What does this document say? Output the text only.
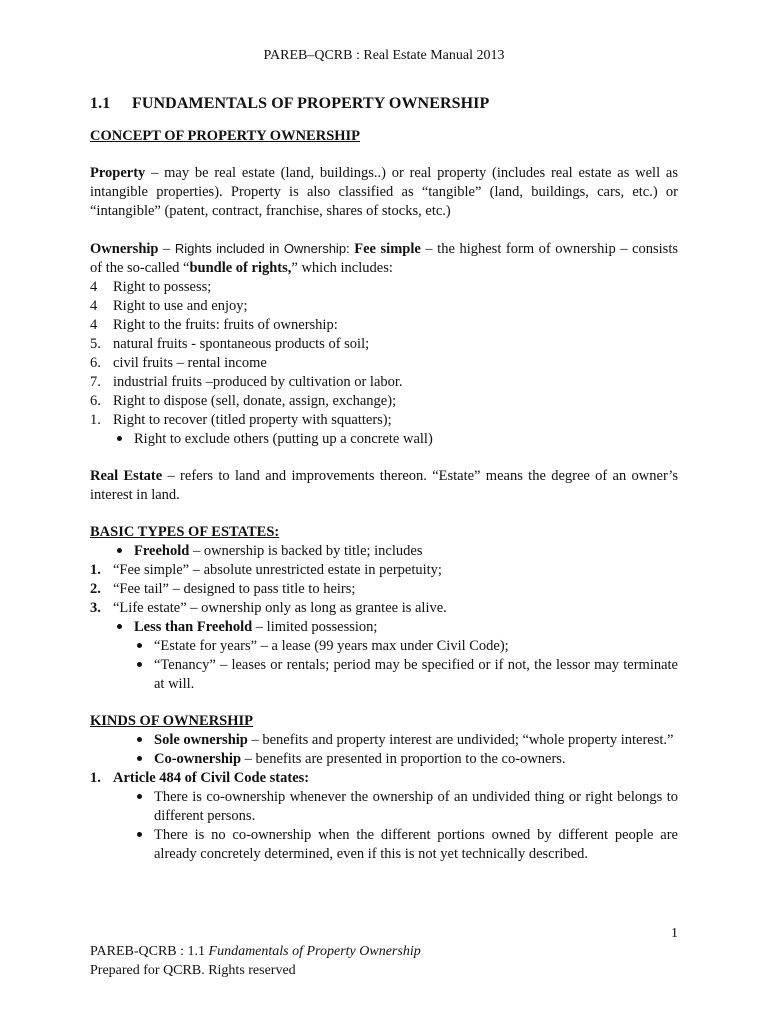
PAREB–QCRB : Real Estate Manual 2013
1.1 FUNDAMENTALS OF PROPERTY OWNERSHIP

CONCEPT OF PROPERTY OWNERSHIP

Property – may be real estate (land, buildings..) or real property (includes real estate as well as intangible properties). Property is also classified as “tangible” (land, buildings, cars, etc.) or “intangible” (patent, contract, franchise, shares of stocks, etc.)

Ownership – Rights included in Ownership: Fee simple – the highest form of ownership – consists of the so-called “bundle of rights,” which includes:

4	Right to possess;
4	Right to use and enjoy;
4	Right to the fruits: fruits of ownership:
5. natural fruits - spontaneous products of soil;
6. civil fruits – rental income
7. industrial fruits –produced by cultivation or labor.
6. Right to dispose (sell, donate, assign, exchange);
1. Right to recover (titled property with squatters);
Right to exclude others (putting up a concrete wall)

Real Estate – refers to land and improvements thereon. “Estate” means the degree of an owner’s interest in land.

BASIC TYPES OF ESTATES:

Freehold – ownership is backed by title; includes
1. “Fee simple” – absolute unrestricted estate in perpetuity;
2. “Fee tail” – designed to pass title to heirs;
3. “Life estate” – ownership only as long as grantee is alive.
Less than Freehold – limited possession;
“Estate for years” – a lease (99 years max under Civil Code);
“Tenancy” – leases or rentals; period may be specified or if not, the lessor may terminate at will.

KINDS OF OWNERSHIP

Sole ownership – benefits and property interest are undivided; “whole property interest.”
Co-ownership – benefits are presented in proportion to the co-owners.
1. Article 484 of Civil Code states:
There is co-ownership whenever the ownership of an undivided thing or right belongs to different persons.
There is no co-ownership when the different portions owned by different people are already concretely determined, even if this is not yet technically described.
1
PAREB-QCRB : 1.1 Fundamentals of Property Ownership
Prepared for QCRB. Rights reserved
